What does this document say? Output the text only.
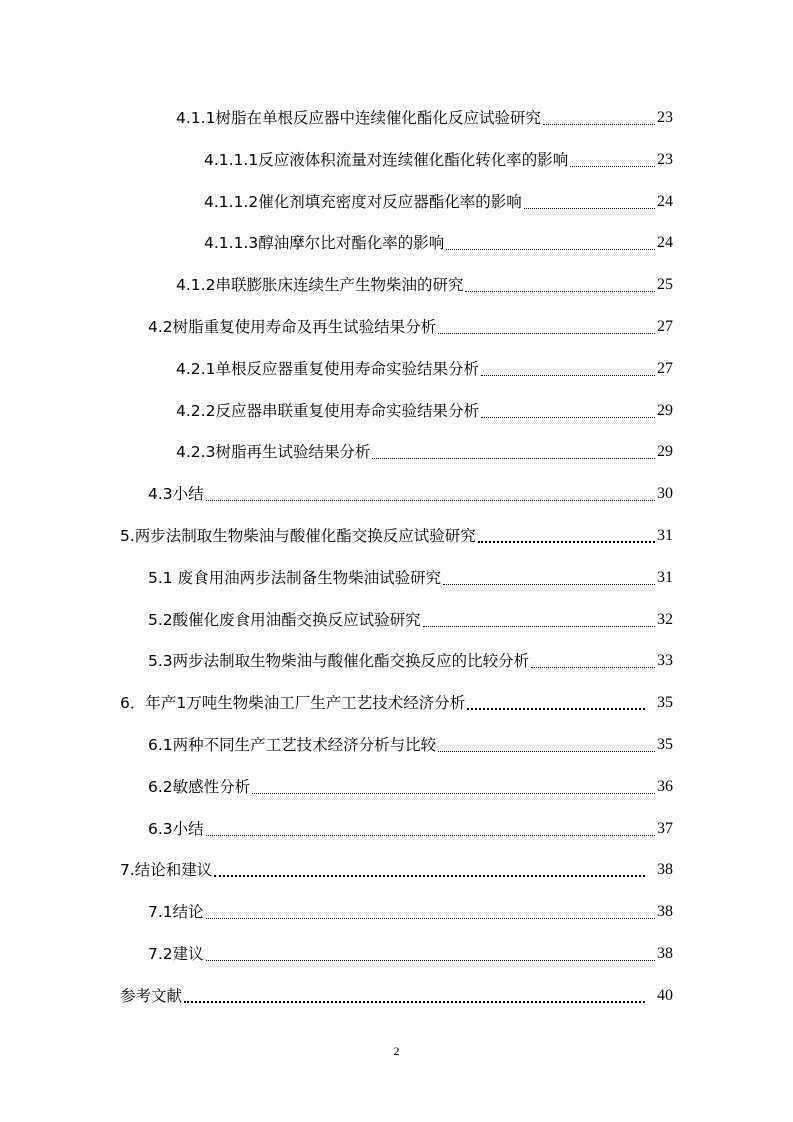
4.1.1 树脂在单根反应器中连续催化酯化反应试验研究	23
4.1.1.1 反应液体积流量对连续催化酯化转化率的影响	23
4.1.1.2 催化剂填充密度对反应器酯化率的影响	24
4.1.1.3 醇油摩尔比对酯化率的影响	24
4.1.2 串联膨胀床连续生产生物柴油的研究	25
4.2 树脂重复使用寿命及再生试验结果分析	27
4.2.1 单根反应器重复使用寿命实验结果分析	27
4.2.2 反应器串联重复使用寿命实验结果分析	29
4.2.3 树脂再生试验结果分析	29
4.3 小结	30
5. 两步法制取生物柴油与酸催化酯交换反应试验研究	31
5.1 废食用油两步法制备生物柴油试验研究	31
5.2 酸催化废食用油酯交换反应试验研究	32
5.3 两步法制取生物柴油与酸催化酯交换反应的比较分析	33
6． 年产1万吨生物柴油工厂生产工艺技术经济分析	35
6.1 两种不同生产工艺技术经济分析与比较	35
6.2 敏感性分析	36
6.3 小结	37
7. 结论和建议	38
7.1 结论	38
7.2 建议	38
参考文献	40
2
